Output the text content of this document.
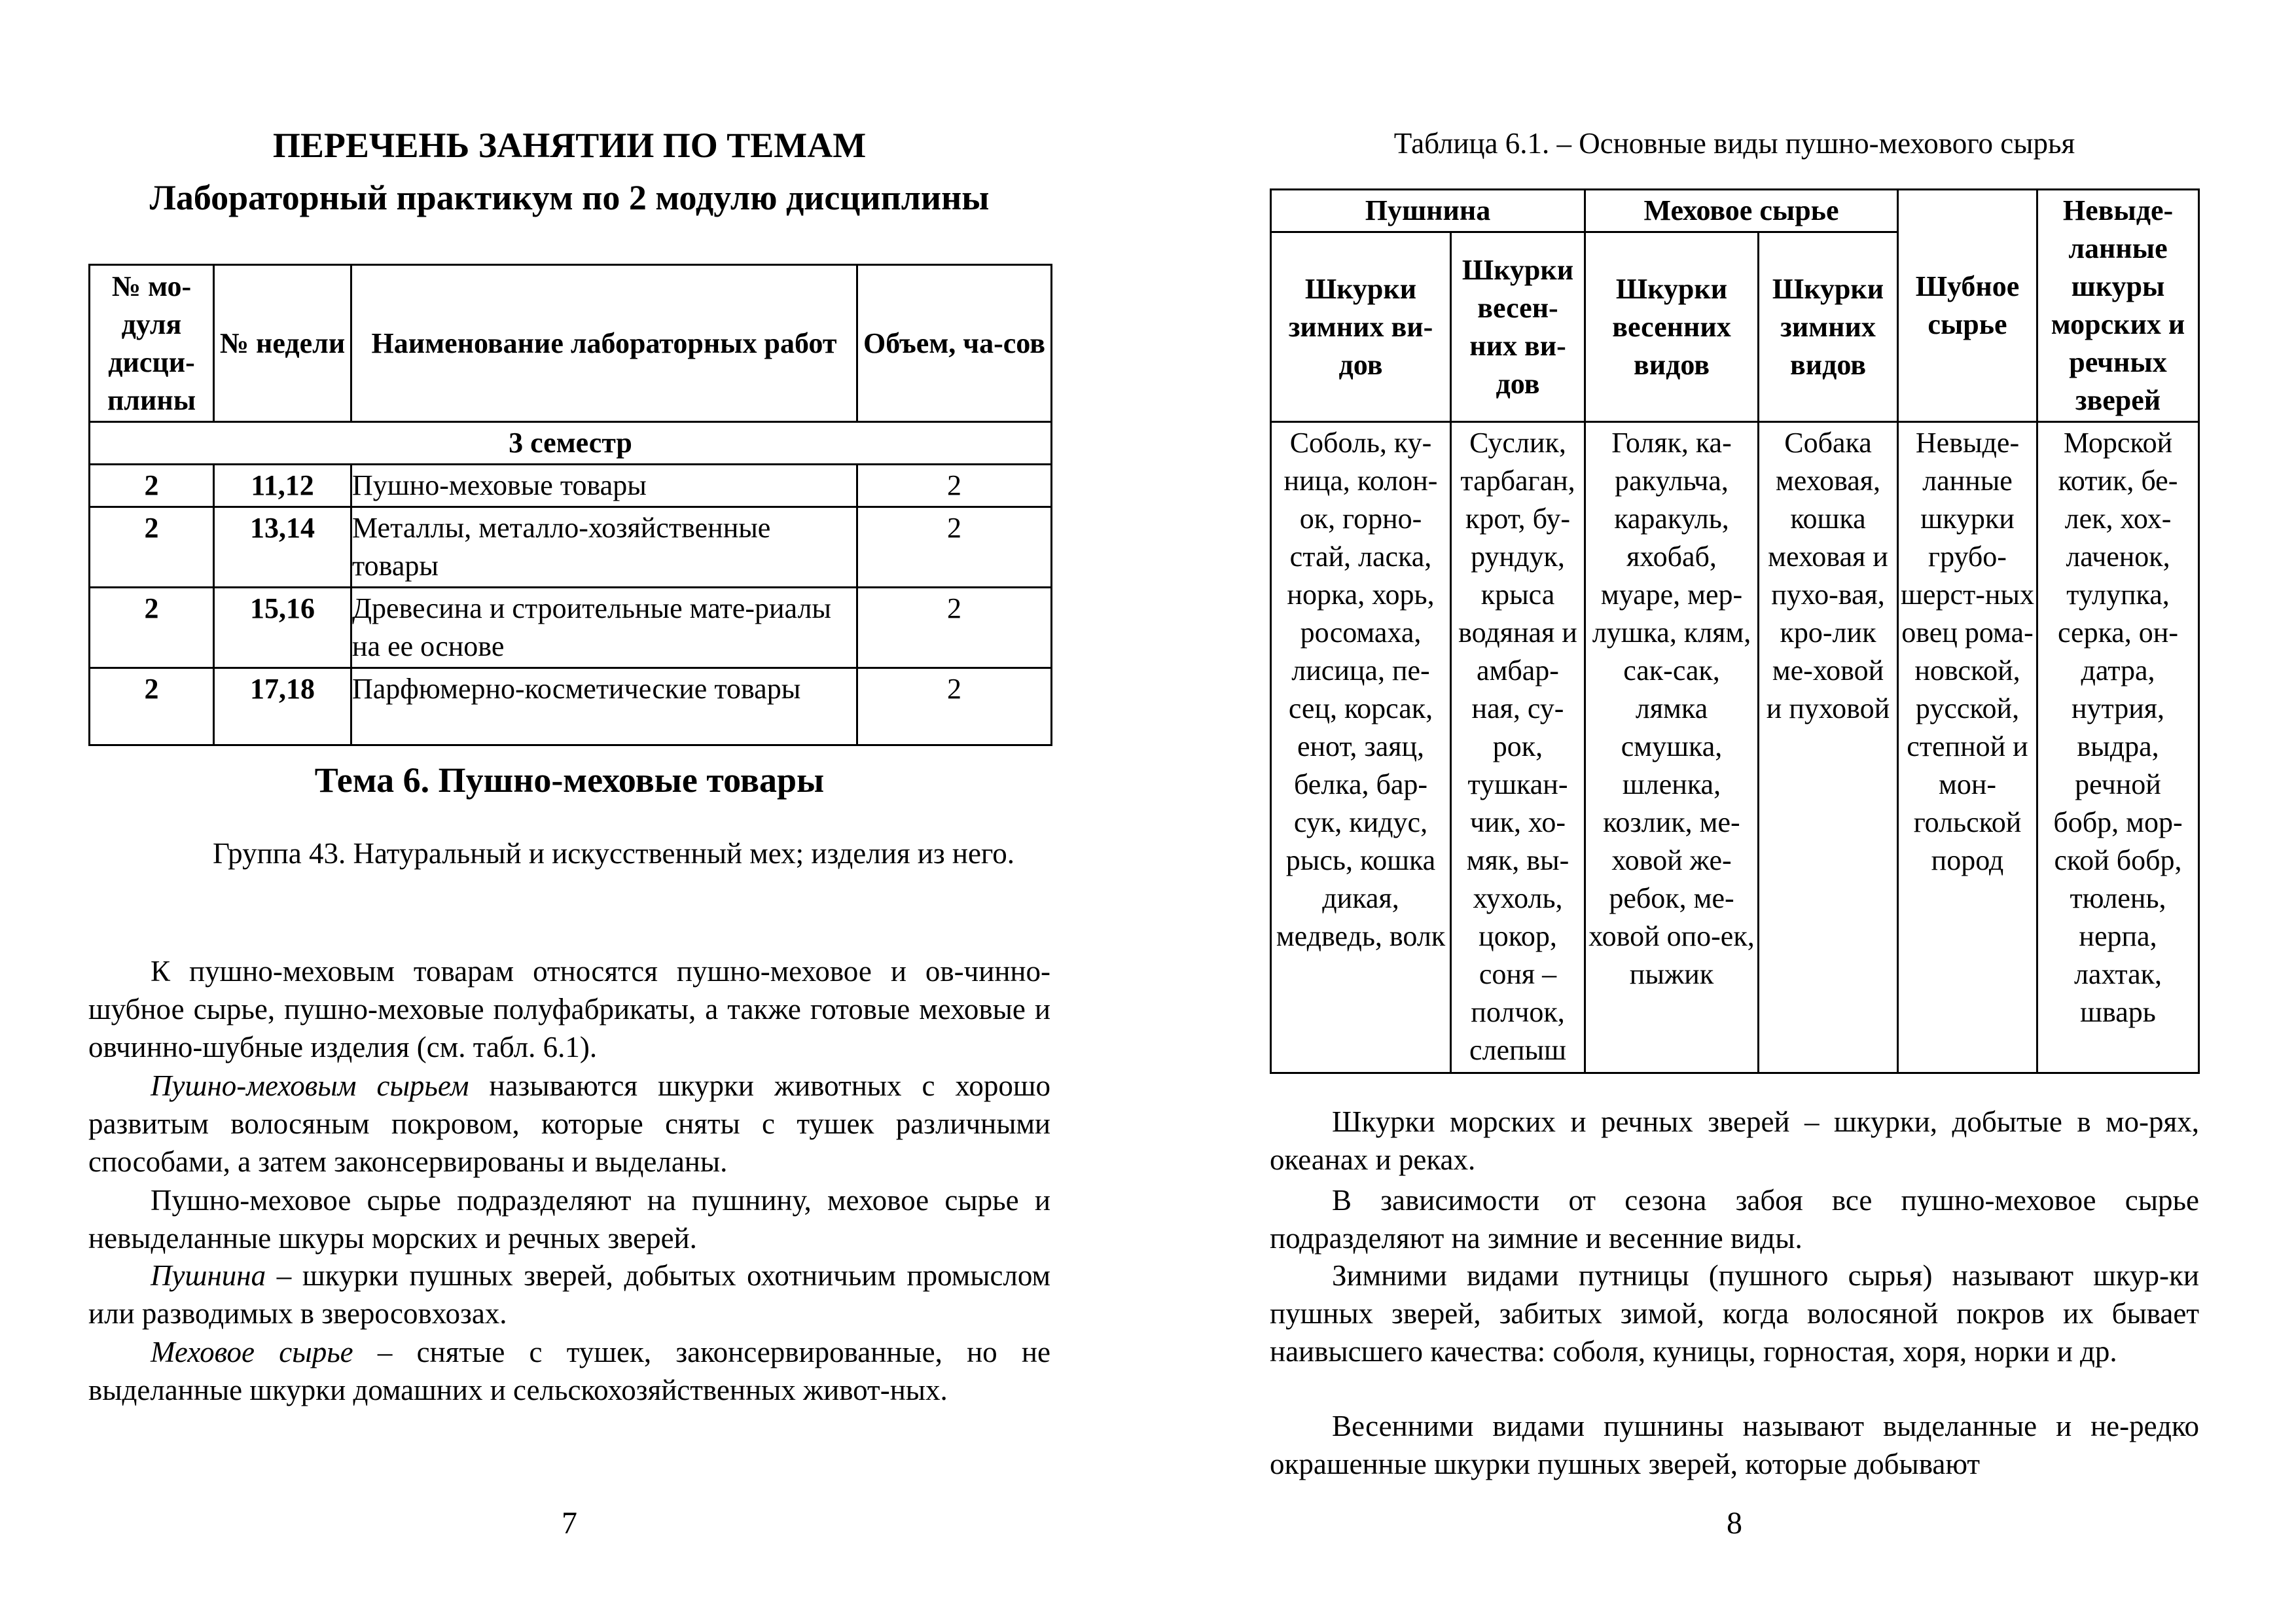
ПЕРЕЧЕНЬ ЗАНЯТИИ ПО ТЕМАМ
Лабораторный практикум по 2 модулю дисциплины
№ мо-дуля дисци-плины	№ недели	Наименование лабораторных работ	Объем, ча-сов
3 семестр			
2	11,12	Пушно-меховые товары	2
2	13,14	Металлы, металло-хозяйственные товары	2
2	15,16	Древесина и строительные мате-риалы на ее основе	2
2	17,18	Парфюмерно-косметические товары	2
Тема 6. Пушно-меховые товары

Группа 43. Натуральный и искусственный мех; изделия из него.

К пушно-меховым товарам относятся пушно-меховое и ов-чинно-шубное сырье, пушно-меховые полуфабрикаты, а также готовые меховые и овчинно-шубные изделия (см. табл. 6.1).

Пушно-меховым сырьем называются шкурки животных с хорошо развитым волосяным покровом, которые сняты с тушек различными способами, а затем законсервированы и выделаны.

Пушно-меховое сырье подразделяют на пушнину, меховое сырье и невыделанные шкуры морских и речных зверей.

Пушнина – шкурки пушных зверей, добытых охотничьим промыслом или разводимых в зверосовхозах.

Меховое сырье – снятые с тушек, законсервированные, но не выделанные шкурки домашних и сельскохозяйственных живот-ных.

7

Таблица 6.1. – Основные виды пушно-мехового сырья

Пушнина		Меховое сырье		Шубное сырье	Невыде-ланные шкуры морских и речных зверей
Шкурки зимних ви-дов	Шкурки весен-них ви-дов	Шкурки весенних видов	Шкурки зимних видов		
Соболь, ку-ница, колон-ок, горно-стай, ласка, норка, хорь, росомаха, лисица, пе-сец, корсак, енот, заяц, белка, бар-сук, кидус, рысь, кошка дикая, медведь, волк	Суслик, тарбаган, крот, бу-рундук, крыса водяная и амбар-ная, су-рок, тушкан-чик, хо-мяк, вы-хухоль, цокор, соня – полчок, слепыш	Голяк, ка-ракульча, каракуль, яхобаб, муаре, мер-лушка, клям, сак-сак, лямка смушка, шленка, козлик, ме-ховой же-ребок, ме-ховой опо-ек, пыжик	Собака меховая, кошка меховая и пухо-вая, кро-лик ме-ховой и пуховой	Невыде-ланные шкурки грубо-шерст-ных овец рома-новской, русской, степной и мон-гольской пород	Морской котик, бе-лек, хох-лаченок, тулупка, серка, он-датра, нутрия, выдра, речной бобр, мор-ской бобр, тюлень, нерпа, лахтак, шварь

Шкурки морских и речных зверей – шкурки, добытые в мо-рях, океанах и реках.

В зависимости от сезона забоя все пушно-меховое сырье подразделяют на зимние и весенние виды.

Зимними видами путницы (пушного сырья) называют шкур-ки пушных зверей, забитых зимой, когда волосяной покров их бывает наивысшего качества: соболя, куницы, горностая, хоря, норки и др.

Весенними видами пушнины называют выделанные и не-редко окрашенные шкурки пушных зверей, которые добывают

8
